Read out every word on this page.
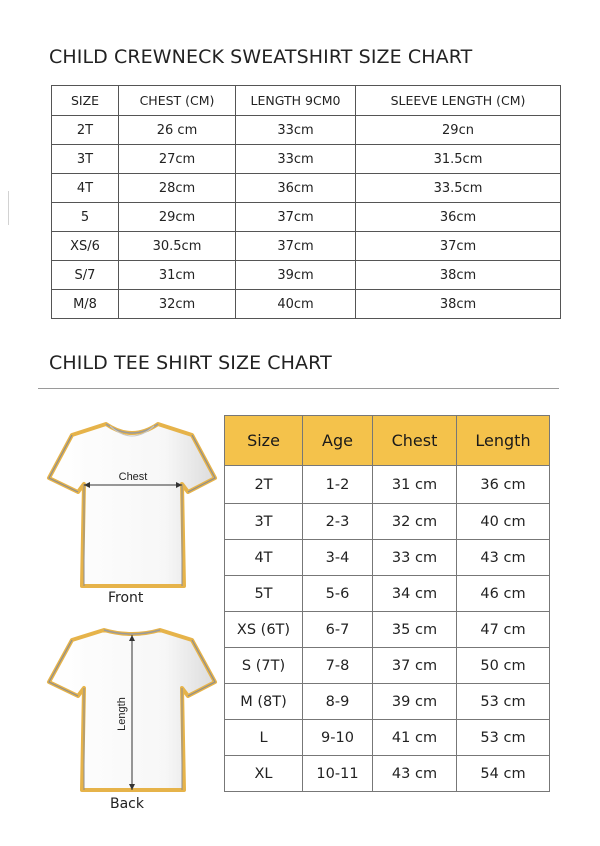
CHILD CREWNECK SWEATSHIRT SIZE CHART
SIZE	CHEST (CM)	LENGTH 9CM0	SLEEVE LENGTH (CM)
2T	26 cm	33cm	29cn
3T	27cm	33cm	31.5cm
4T	28cm	36cm	33.5cm
5	29cm	37cm	36cm
XS/6	30.5cm	37cm	37cm
S/7	31cm	39cm	38cm
M/8	32cm	40cm	38cm
CHILD TEE SHIRT SIZE CHART
Chest
Front
Length
Back
Size	Age	Chest	Length
2T	1-2	31 cm	36 cm
3T	2-3	32 cm	40 cm
4T	3-4	33 cm	43 cm
5T	5-6	34 cm	46 cm
XS (6T)	6-7	35 cm	47 cm
S (7T)	7-8	37 cm	50 cm
M (8T)	8-9	39 cm	53 cm
L	9-10	41 cm	53 cm
XL	10-11	43 cm	54 cm
